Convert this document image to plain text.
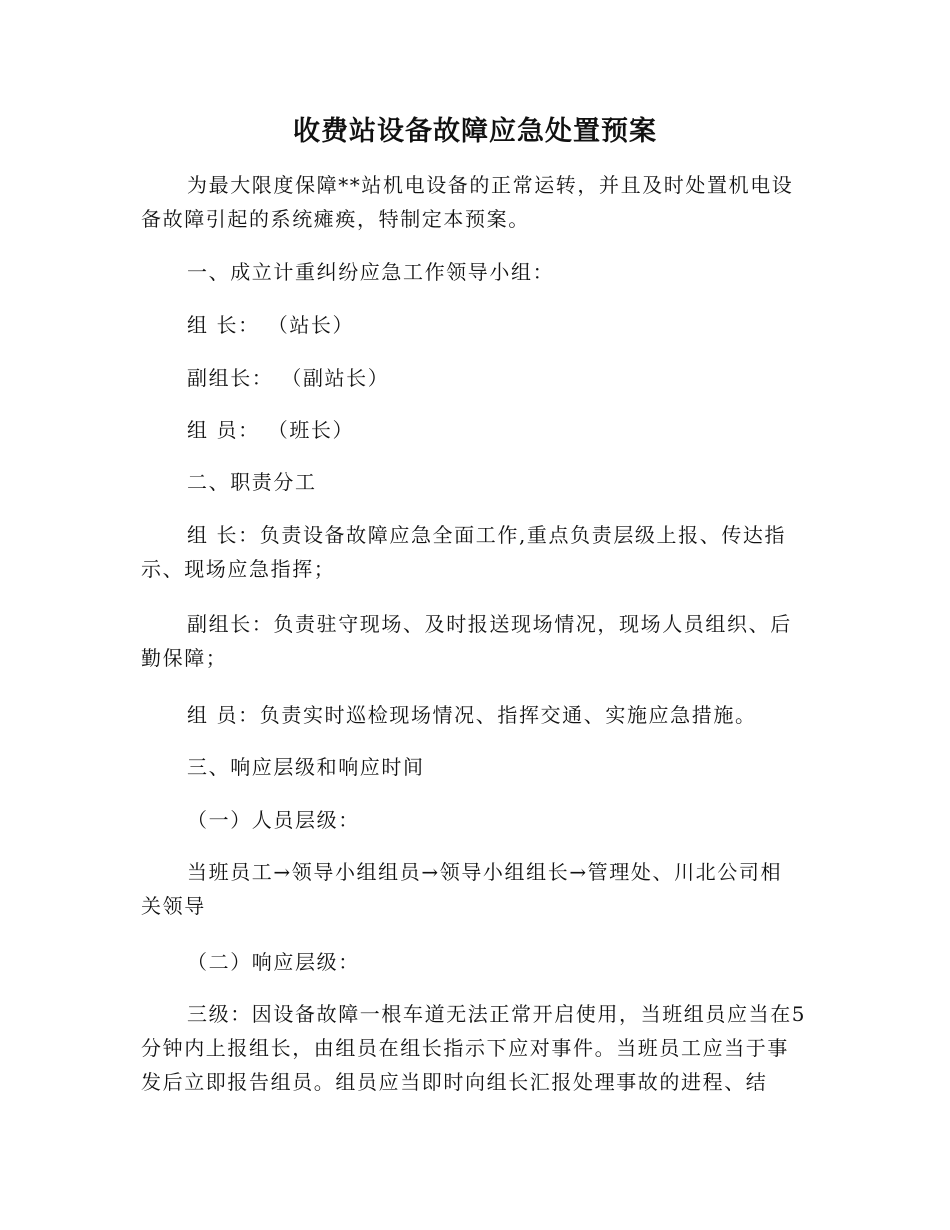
收费站设备故障应急处置预案

为最大限度保障**站机电设备的正常运转，并且及时处置机电设
备故障引起的系统瘫痪，特制定本预案。

一、成立计重纠纷应急工作领导小组：

组 长： （站长）

副组长： （副站长）

组 员： （班长）

二、职责分工

组 长：负责设备故障应急全面工作,重点负责层级上报、传达指
示、现场应急指挥；

副组长：负责驻守现场、及时报送现场情况，现场人员组织、后
勤保障；

组 员：负责实时巡检现场情况、指挥交通、实施应急措施。

三、响应层级和响应时间

（一）人员层级：

当班员工→领导小组组员→领导小组组长→管理处、川北公司相
关领导

（二）响应层级：

三级：因设备故障一根车道无法正常开启使用，当班组员应当在5
分钟内上报组长，由组员在组长指示下应对事件。当班员工应当于事
发后立即报告组员。组员应当即时向组长汇报处理事故的进程、结
